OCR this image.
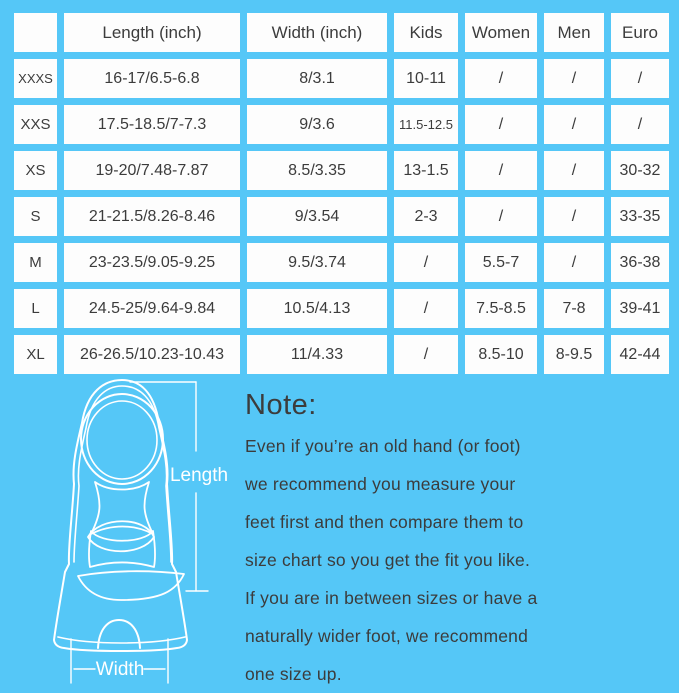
	Length (inch)	Width (inch)	Kids	Women	Men	Euro
XXXS	16-17/6.5-6.8	8/3.1	10-11	/	/	/
XXS	17.5-18.5/7-7.3	9/3.6	11.5-12.5	/	/	/
XS	19-20/7.48-7.87	8.5/3.35	13-1.5	/	/	30-32
S	21-21.5/8.26-8.46	9/3.54	2-3	/	/	33-35
M	23-23.5/9.05-9.25	9.5/3.74	/	5.5-7	/	36-38
L	24.5-25/9.64-9.84	10.5/4.13	/	7.5-8.5	7-8	39-41
XL	26-26.5/10.23-10.43	11/4.33	/	8.5-10	8-9.5	42-44
Length
Width
Note:
Even if you’re an old hand (or foot)
we recommend you measure your
feet first and then compare them to
size chart so you get the fit you like.
If you are in between sizes or have a
naturally wider foot, we recommend
one size up.
